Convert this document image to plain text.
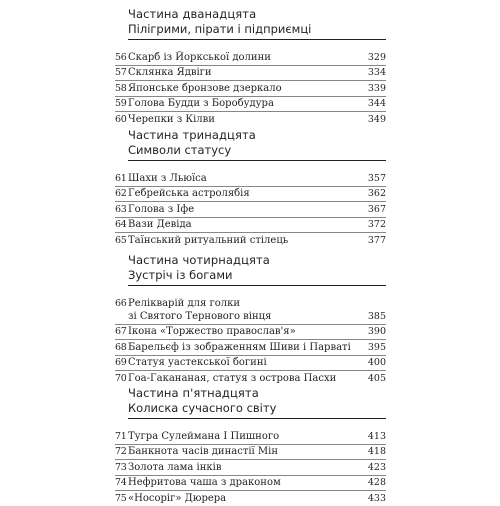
Частина дванадцята
Пілігрими, пірати і підприємці
56 Скарб із Йоркської долини	329
57 Склянка Ядвіги	334
58 Японське бронзове дзеркало	339
59 Голова Будди з Боробудура	344
60 Черепки з Кілви	349
Частина тринадцята
Символи статусу
61 Шахи з Льюїса	357
62 Гебрейська астролябія	362
63 Голова з Іфе	367
64 Вази Девіда	372
65 Таїнський ритуальний стілець	377
Частина чотирнадцята
Зустріч із богами
66 Реліквaрій для голки
зі Святого Тернового вінця	385
67 Ікона «Торжество православ'я»	390
68 Барельєф із зображенням Шиви і Парваті	395
69 Статуя уастекської богині	400
70 Гоа-Гакананая, статуя з острова Пасхи	405
Частина п'ятнадцята
Колиска сучасного світу
71 Тугра Сулеймана І Пишного	413
72 Банкнота часів династії Мін	418
73 Золота лама інків	423
74 Нефритова чаша з драконом	428
75 «Носоріг» Дюрера	433
